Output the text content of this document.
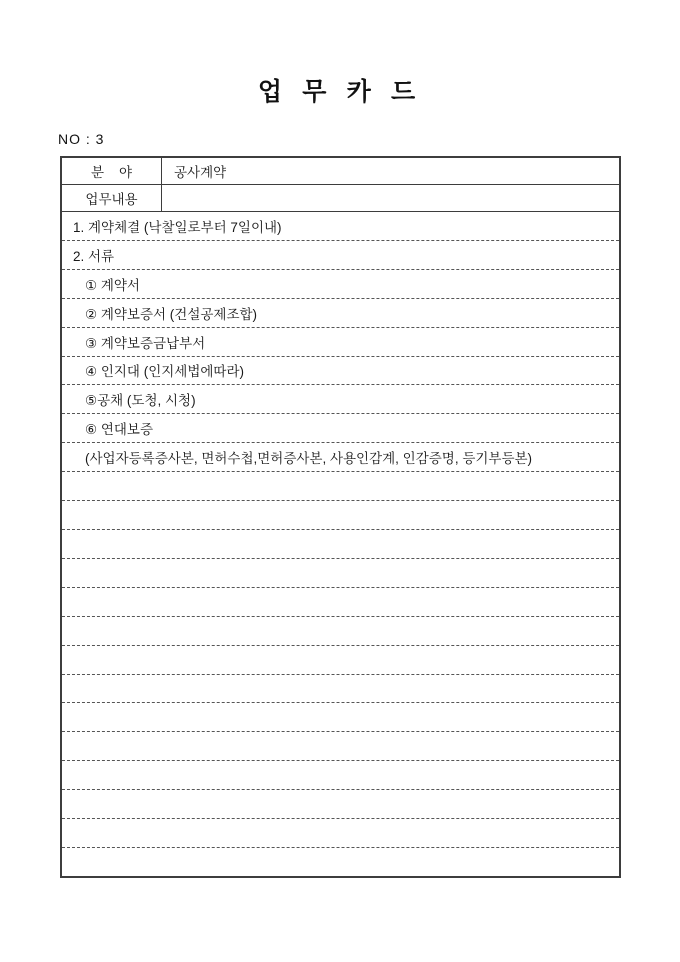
업 무 카 드
NO : 3
분    야	공사계약
업무내용
1. 계약체결 (낙찰일로부터 7일이내)
2. 서류
① 계약서
② 계약보증서 (건설공제조합)
③ 계약보증금납부서
④ 인지대 (인지세법에따라)
⑤공채 (도청, 시청)
⑥ 연대보증
(사업자등록증사본, 면허수첩,면허증사본, 사용인감계, 인감증명, 등기부등본)
